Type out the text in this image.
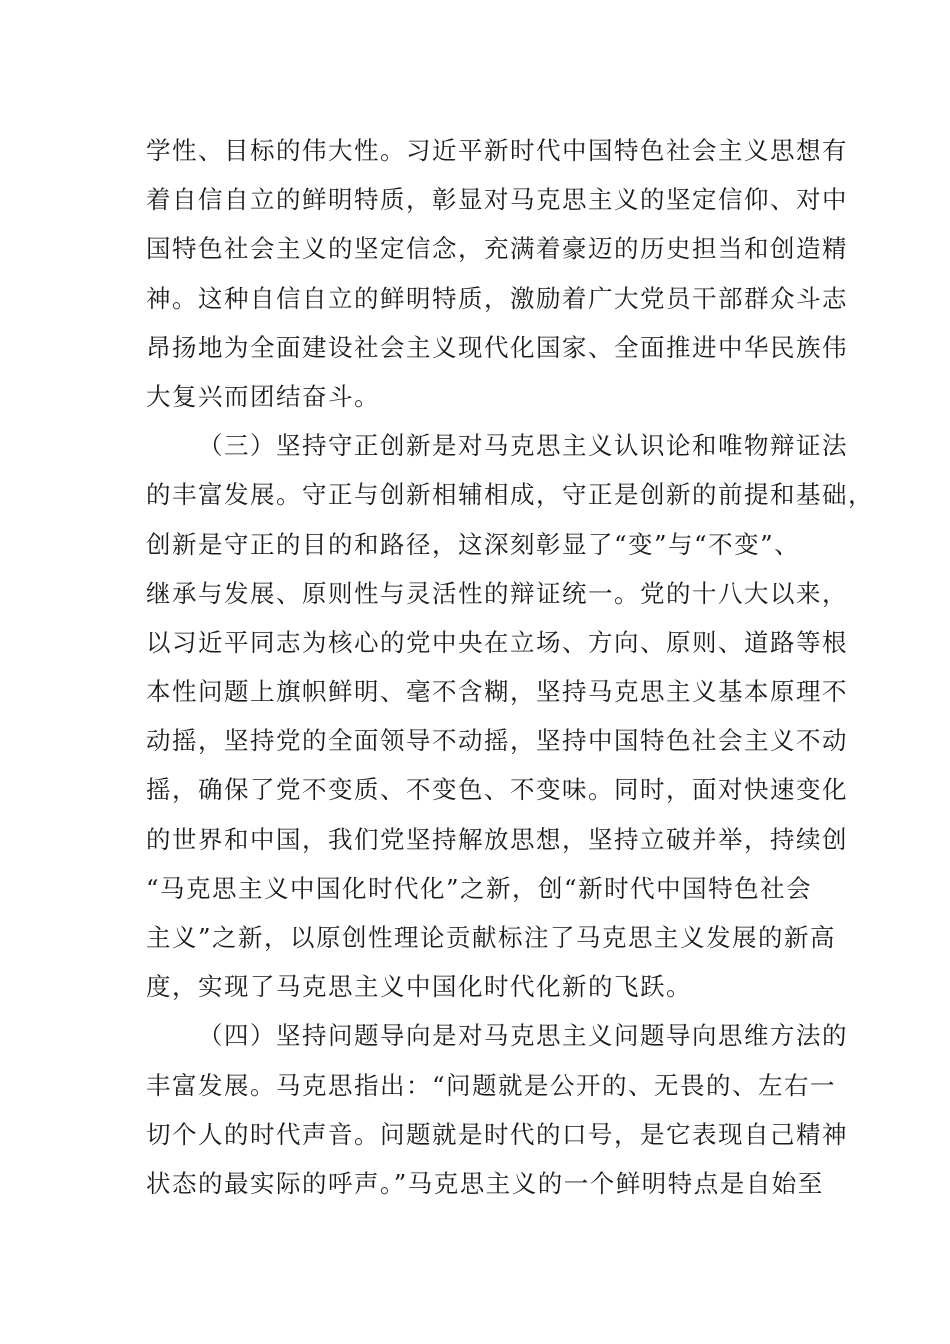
学性、目标的伟大性。习近平新时代中国特色社会主义思想有
着自信自立的鲜明特质，彰显对马克思主义的坚定信仰、对中
国特色社会主义的坚定信念，充满着豪迈的历史担当和创造精
神。这种自信自立的鲜明特质，激励着广大党员干部群众斗志
昂扬地为全面建设社会主义现代化国家、全面推进中华民族伟
大复兴而团结奋斗。
（三）坚持守正创新是对马克思主义认识论和唯物辩证法
的丰富发展。守正与创新相辅相成，守正是创新的前提和基础，
创新是守正的目的和路径，这深刻彰显了“变”与“不变”、
继承与发展、原则性与灵活性的辩证统一。党的十八大以来，
以习近平同志为核心的党中央在立场、方向、原则、道路等根
本性问题上旗帜鲜明、毫不含糊，坚持马克思主义基本原理不
动摇，坚持党的全面领导不动摇，坚持中国特色社会主义不动
摇，确保了党不变质、不变色、不变味。同时，面对快速变化
的世界和中国，我们党坚持解放思想，坚持立破并举，持续创
“马克思主义中国化时代化”之新，创“新时代中国特色社会
主义”之新，以原创性理论贡献标注了马克思主义发展的新高
度，实现了马克思主义中国化时代化新的飞跃。
（四）坚持问题导向是对马克思主义问题导向思维方法的
丰富发展。马克思指出：“问题就是公开的、无畏的、左右一
切个人的时代声音。问题就是时代的口号，是它表现自己精神
状态的最实际的呼声。”马克思主义的一个鲜明特点是自始至
